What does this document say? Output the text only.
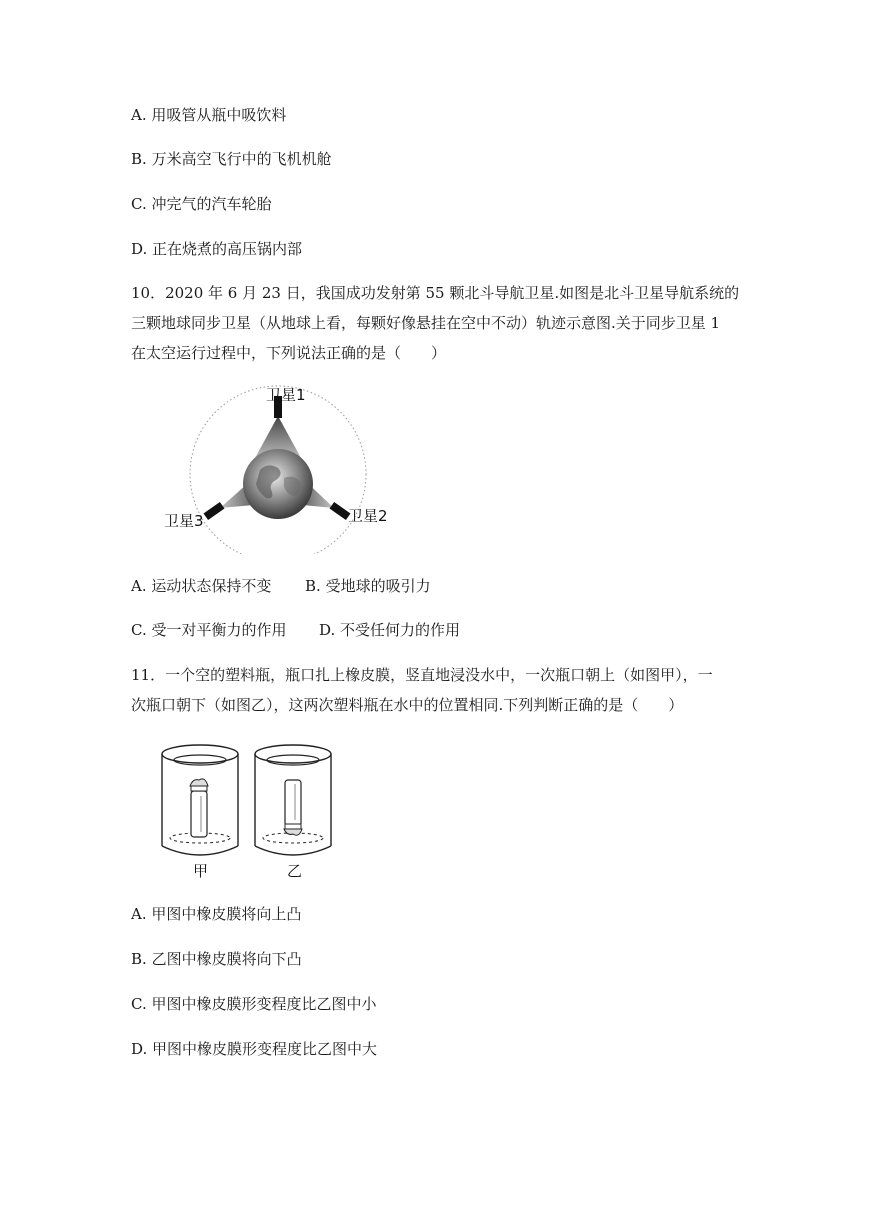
A. 用吸管从瓶中吸饮料
B. 万米高空飞行中的飞机机舱
C. 冲完气的汽车轮胎
D. 正在烧煮的高压锅内部
10．2020 年 6 月 23 日，我国成功发射第 55 颗北斗导航卫星.如图是北斗卫星导航系统的
三颗地球同步卫星（从地球上看，每颗好像悬挂在空中不动）轨迹示意图.关于同步卫星 1
在太空运行过程中，下列说法正确的是（　　）
卫星1
卫星2
卫星3
A. 运动状态保持不变 B. 受地球的吸引力
C. 受一对平衡力的作用 D. 不受任何力的作用
11．一个空的塑料瓶，瓶口扎上橡皮膜，竖直地浸没水中，一次瓶口朝上（如图甲），一
次瓶口朝下（如图乙），这两次塑料瓶在水中的位置相同.下列判断正确的是（　　）
甲	乙
A. 甲图中橡皮膜将向上凸
B. 乙图中橡皮膜将向下凸
C. 甲图中橡皮膜形变程度比乙图中小
D. 甲图中橡皮膜形变程度比乙图中大
